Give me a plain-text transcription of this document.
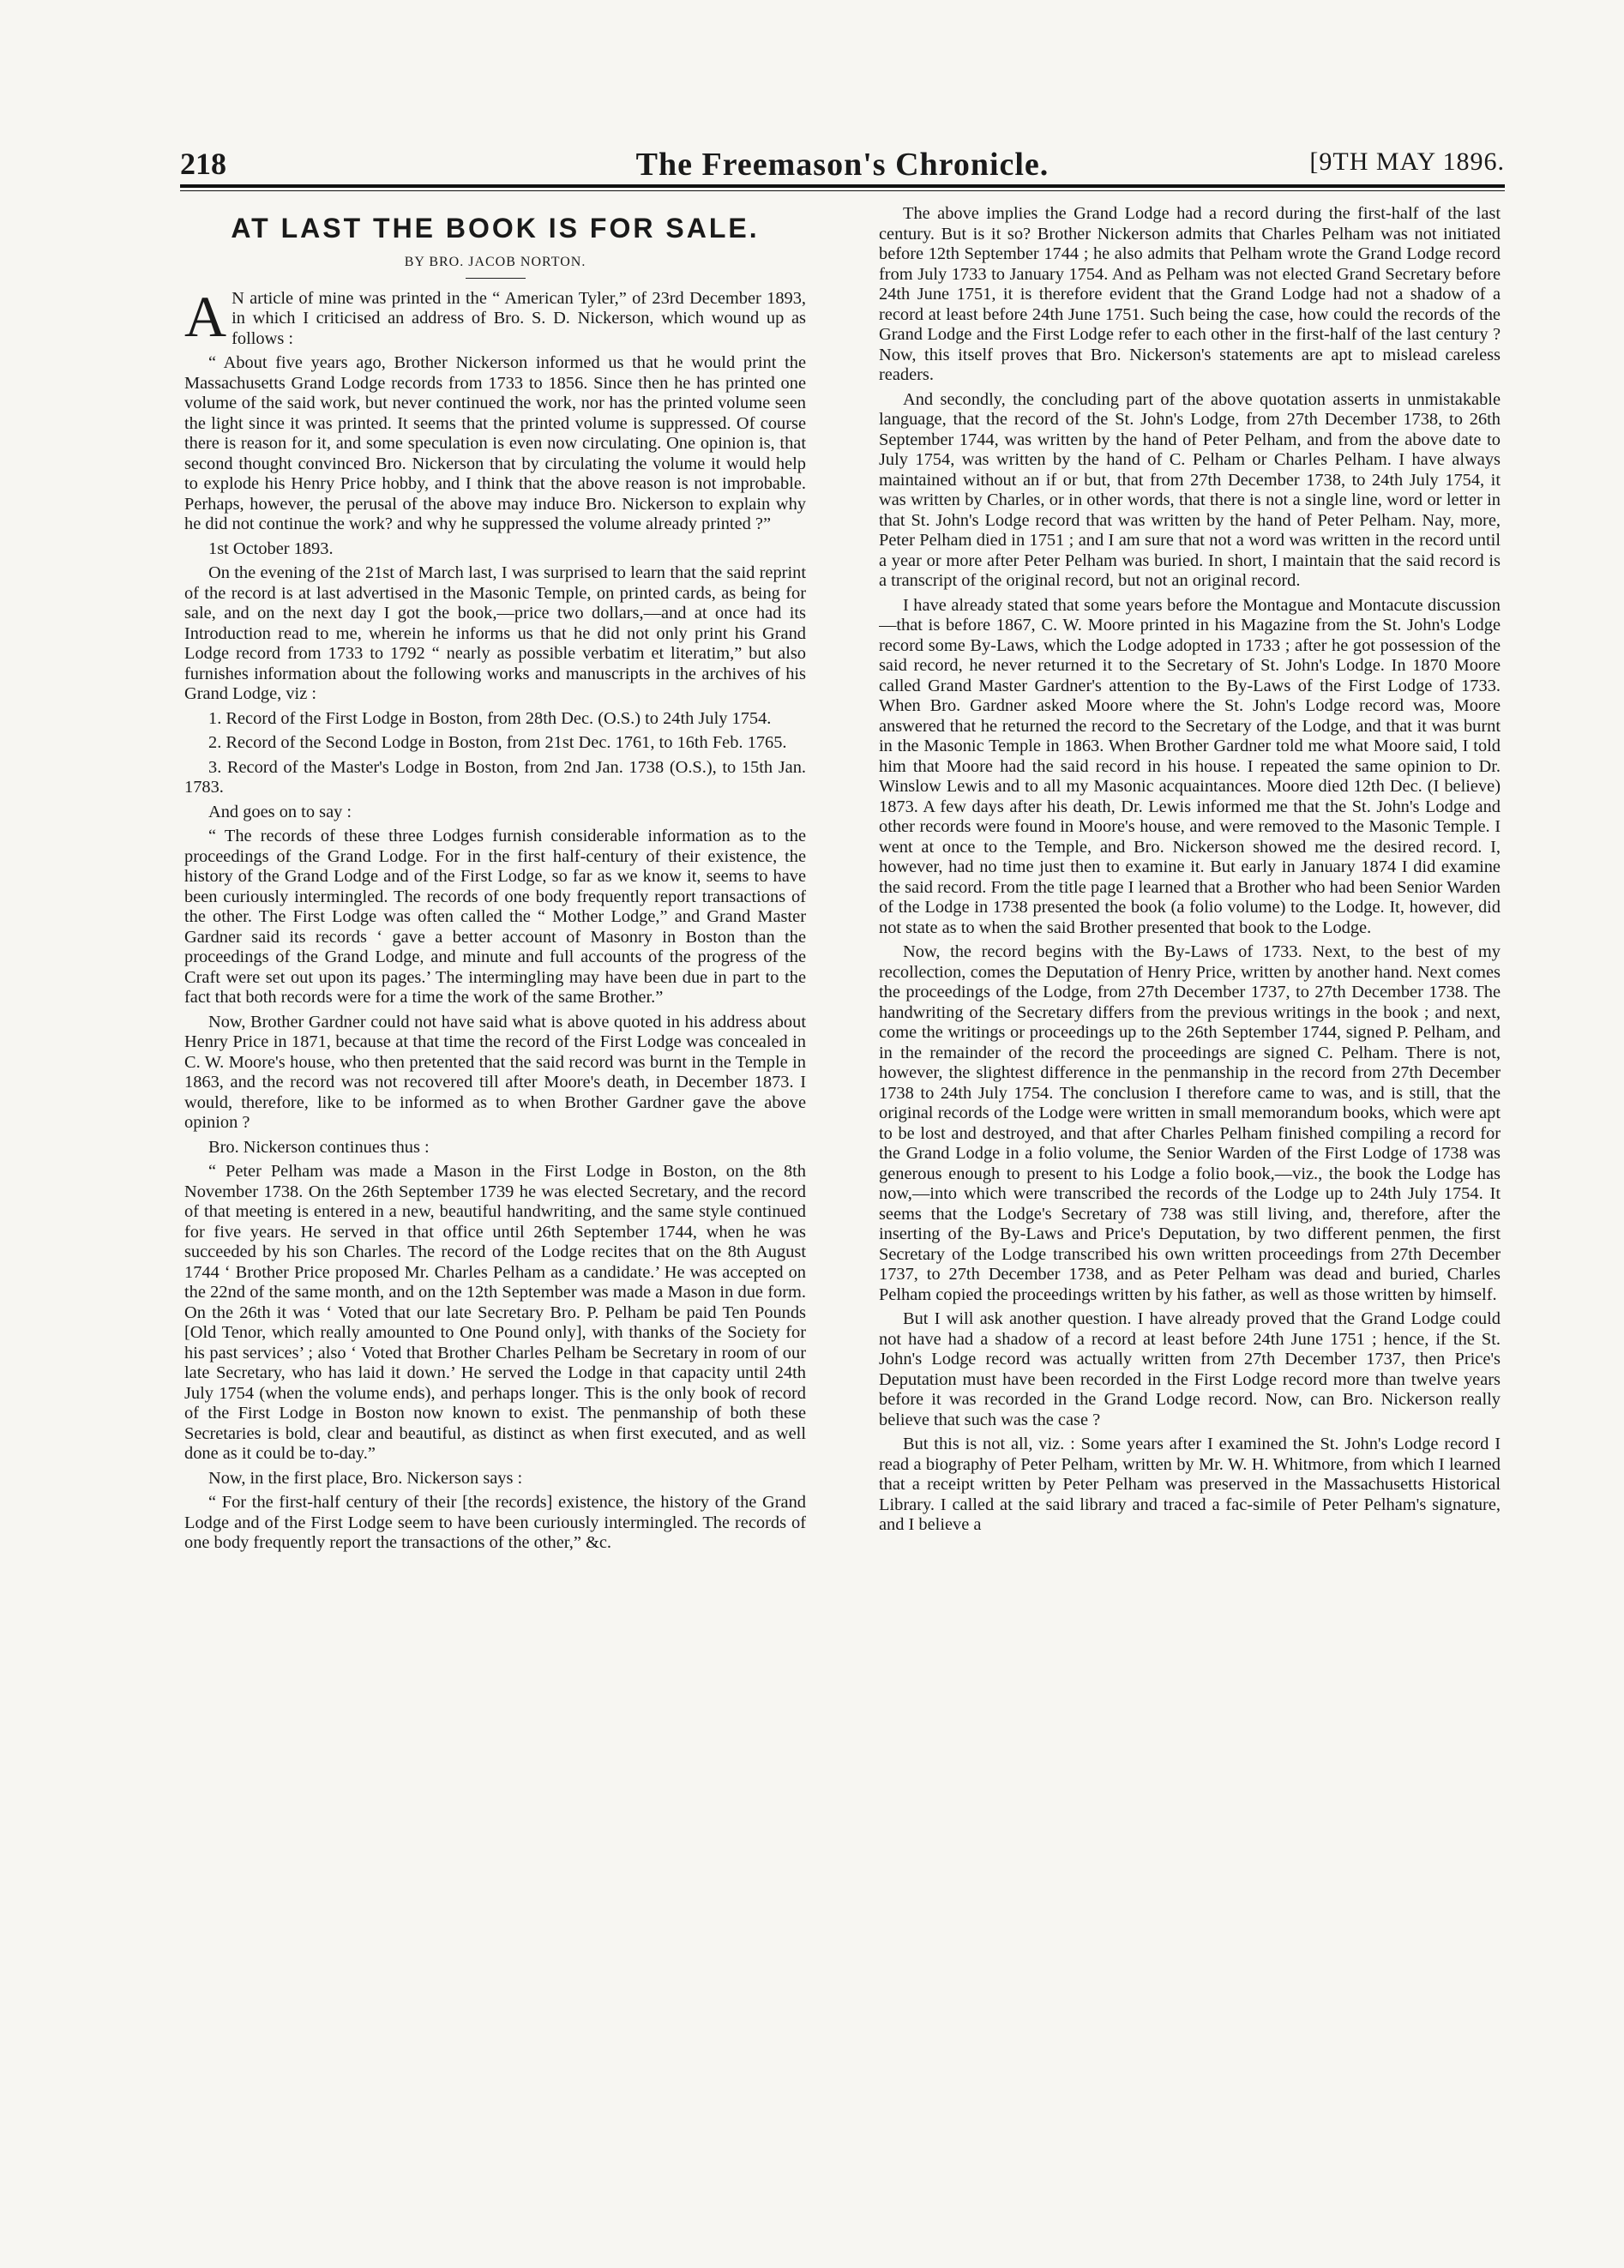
218	The Freemason's Chronicle.	[9TH MAY 1896.
AT LAST THE BOOK IS FOR SALE.
BY BRO. JACOB NORTON.

A N article of mine was printed in the “ American Tyler,” of 23rd December 1893, in which I criticised an address of Bro. S. D. Nickerson, which wound up as follows :

“ About five years ago, Brother Nickerson informed us that he would print the Massachusetts Grand Lodge records from 1733 to 1856. Since then he has printed one volume of the said work, but never continued the work, nor has the printed volume seen the light since it was printed. It seems that the printed volume is suppressed. Of course there is reason for it, and some speculation is even now circulating. One opinion is, that second thought convinced Bro. Nickerson that by circulating the volume it would help to explode his Henry Price hobby, and I think that the above reason is not improbable. Perhaps, however, the perusal of the above may induce Bro. Nickerson to explain why he did not continue the work? and why he suppressed the volume already printed ?”

1st October 1893.

On the evening of the 21st of March last, I was surprised to learn that the said reprint of the record is at last advertised in the Masonic Temple, on printed cards, as being for sale, and on the next day I got the book,—price two dollars,—and at once had its Introduction read to me, wherein he informs us that he did not only print his Grand Lodge record from 1733 to 1792 “ nearly as possible verbatim et literatim,” but also furnishes information about the following works and manuscripts in the archives of his Grand Lodge, viz :

1. Record of the First Lodge in Boston, from 28th Dec. (O.S.) to 24th July 1754.

2. Record of the Second Lodge in Boston, from 21st Dec. 1761, to 16th Feb. 1765.

3. Record of the Master's Lodge in Boston, from 2nd Jan. 1738 (O.S.), to 15th Jan. 1783.

And goes on to say :

“ The records of these three Lodges furnish considerable information as to the proceedings of the Grand Lodge. For in the first half-century of their existence, the history of the Grand Lodge and of the First Lodge, so far as we know it, seems to have been curiously intermingled. The records of one body frequently report transactions of the other. The First Lodge was often called the “ Mother Lodge,” and Grand Master Gardner said its records ‘ gave a better account of Masonry in Boston than the proceedings of the Grand Lodge, and minute and full accounts of the progress of the Craft were set out upon its pages.’ The intermingling may have been due in part to the fact that both records were for a time the work of the same Brother.”

Now, Brother Gardner could not have said what is above quoted in his address about Henry Price in 1871, because at that time the record of the First Lodge was concealed in C. W. Moore's house, who then pretented that the said record was burnt in the Temple in 1863, and the record was not recovered till after Moore's death, in December 1873. I would, therefore, like to be informed as to when Brother Gardner gave the above opinion ?

Bro. Nickerson continues thus :

“ Peter Pelham was made a Mason in the First Lodge in Boston, on the 8th November 1738. On the 26th September 1739 he was elected Secretary, and the record of that meeting is entered in a new, beautiful handwriting, and the same style continued for five years. He served in that office until 26th September 1744, when he was succeeded by his son Charles. The record of the Lodge recites that on the 8th August 1744 ‘ Brother Price proposed Mr. Charles Pelham as a candidate.’ He was accepted on the 22nd of the same month, and on the 12th September was made a Mason in due form. On the 26th it was ‘ Voted that our late Secretary Bro. P. Pelham be paid Ten Pounds [Old Tenor, which really amounted to One Pound only], with thanks of the Society for his past services’ ; also ‘ Voted that Brother Charles Pelham be Secretary in room of our late Secretary, who has laid it down.’ He served the Lodge in that capacity until 24th July 1754 (when the volume ends), and perhaps longer. This is the only book of record of the First Lodge in Boston now known to exist. The penmanship of both these Secretaries is bold, clear and beautiful, as distinct as when first executed, and as well done as it could be to-day.”

Now, in the first place, Bro. Nickerson says :

“ For the first-half century of their [the records] existence, the history of the Grand Lodge and of the First Lodge seem to have been curiously intermingled. The records of one body frequently report the transactions of the other,” &c.

The above implies the Grand Lodge had a record during the first-half of the last century. But is it so? Brother Nickerson admits that Charles Pelham was not initiated before 12th September 1744 ; he also admits that Pelham wrote the Grand Lodge record from July 1733 to January 1754. And as Pelham was not elected Grand Secretary before 24th June 1751, it is therefore evident that the Grand Lodge had not a shadow of a record at least before 24th June 1751. Such being the case, how could the records of the Grand Lodge and the First Lodge refer to each other in the first-half of the last century ? Now, this itself proves that Bro. Nickerson's statements are apt to mislead careless readers.

And secondly, the concluding part of the above quotation asserts in unmistakable language, that the record of the St. John's Lodge, from 27th December 1738, to 26th September 1744, was written by the hand of Peter Pelham, and from the above date to July 1754, was written by the hand of C. Pelham or Charles Pelham. I have always maintained without an if or but, that from 27th December 1738, to 24th July 1754, it was written by Charles, or in other words, that there is not a single line, word or letter in that St. John's Lodge record that was written by the hand of Peter Pelham. Nay, more, Peter Pelham died in 1751 ; and I am sure that not a word was written in the record until a year or more after Peter Pelham was buried. In short, I maintain that the said record is a transcript of the original record, but not an original record.

I have already stated that some years before the Montague and Montacute discussion—that is before 1867, C. W. Moore printed in his Magazine from the St. John's Lodge record some By-Laws, which the Lodge adopted in 1733 ; after he got possession of the said record, he never returned it to the Secretary of St. John's Lodge. In 1870 Moore called Grand Master Gardner's attention to the By-Laws of the First Lodge of 1733. When Bro. Gardner asked Moore where the St. John's Lodge record was, Moore answered that he returned the record to the Secretary of the Lodge, and that it was burnt in the Masonic Temple in 1863. When Brother Gardner told me what Moore said, I told him that Moore had the said record in his house. I repeated the same opinion to Dr. Winslow Lewis and to all my Masonic acquaintances. Moore died 12th Dec. (I believe) 1873. A few days after his death, Dr. Lewis informed me that the St. John's Lodge and other records were found in Moore's house, and were removed to the Masonic Temple. I went at once to the Temple, and Bro. Nickerson showed me the desired record. I, however, had no time just then to examine it. But early in January 1874 I did examine the said record. From the title page I learned that a Brother who had been Senior Warden of the Lodge in 1738 presented the book (a folio volume) to the Lodge. It, however, did not state as to when the said Brother presented that book to the Lodge.

Now, the record begins with the By-Laws of 1733. Next, to the best of my recollection, comes the Deputation of Henry Price, written by another hand. Next comes the proceedings of the Lodge, from 27th December 1737, to 27th December 1738. The handwriting of the Secretary differs from the previous writings in the book ; and next, come the writings or proceedings up to the 26th September 1744, signed P. Pelham, and in the remainder of the record the proceedings are signed C. Pelham. There is not, however, the slightest difference in the penmanship in the record from 27th December 1738 to 24th July 1754. The conclusion I therefore came to was, and is still, that the original records of the Lodge were written in small memorandum books, which were apt to be lost and destroyed, and that after Charles Pelham finished compiling a record for the Grand Lodge in a folio volume, the Senior Warden of the First Lodge of 1738 was generous enough to present to his Lodge a folio book,—viz., the book the Lodge has now,—into which were transcribed the records of the Lodge up to 24th July 1754. It seems that the Lodge's Secretary of 738 was still living, and, therefore, after the inserting of the By-Laws and Price's Deputation, by two different penmen, the first Secretary of the Lodge transcribed his own written proceedings from 27th December 1737, to 27th December 1738, and as Peter Pelham was dead and buried, Charles Pelham copied the proceedings written by his father, as well as those written by himself.

But I will ask another question. I have already proved that the Grand Lodge could not have had a shadow of a record at least before 24th June 1751 ; hence, if the St. John's Lodge record was actually written from 27th December 1737, then Price's Deputation must have been recorded in the First Lodge record more than twelve years before it was recorded in the Grand Lodge record. Now, can Bro. Nickerson really believe that such was the case ?

But this is not all, viz. : Some years after I examined the St. John's Lodge record I read a biography of Peter Pelham, written by Mr. W. H. Whitmore, from which I learned that a receipt written by Peter Pelham was preserved in the Massachusetts Historical Library. I called at the said library and traced a fac-simile of Peter Pelham's signature, and I believe a
